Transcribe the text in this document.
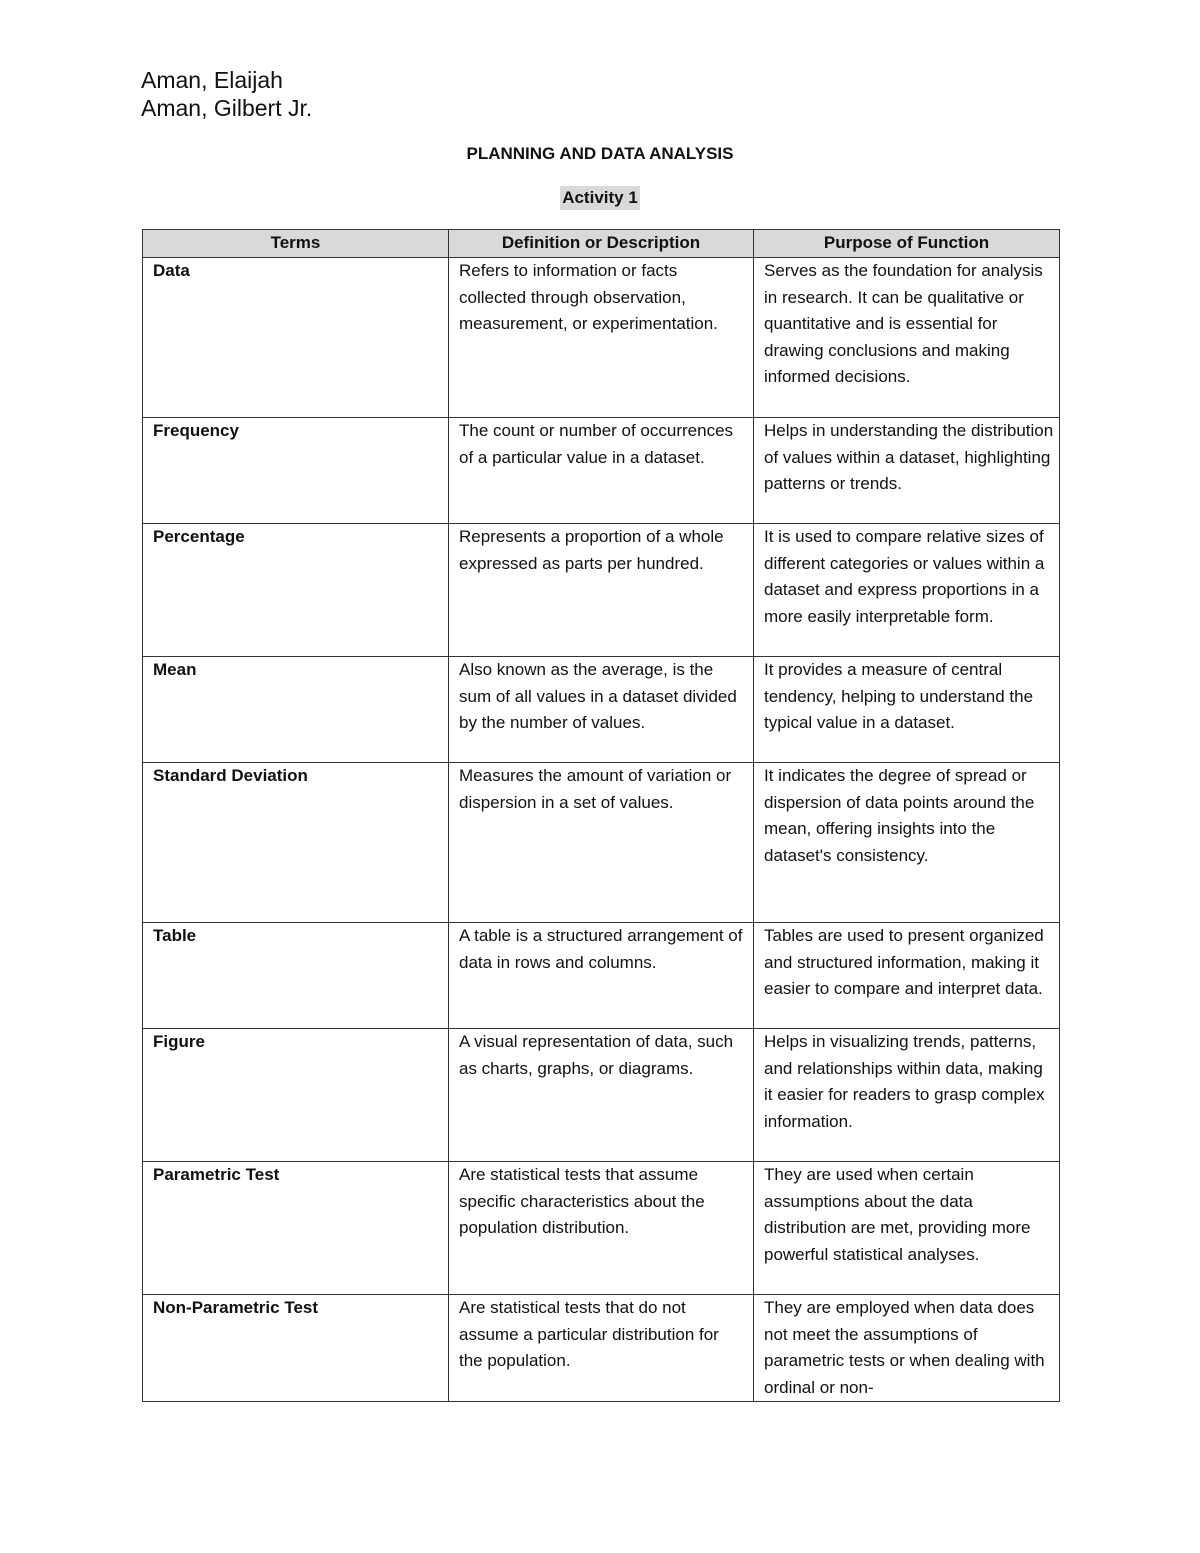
Aman, Elaijah
Aman, Gilbert Jr.
PLANNING AND DATA ANALYSIS
Activity 1
Terms	Definition or Description	Purpose of Function
Data	Refers to information or facts collected through observation, measurement, or experimentation.	Serves as the foundation for analysis in research. It can be qualitative or quantitative and is essential for drawing conclusions and making informed decisions.
Frequency	The count or number of occurrences of a particular value in a dataset.	Helps in understanding the distribution of values within a dataset, highlighting patterns or trends.
Percentage	Represents a proportion of a whole expressed as parts per hundred.	It is used to compare relative sizes of different categories or values within a dataset and express proportions in a more easily interpretable form.
Mean	Also known as the average, is the sum of all values in a dataset divided by the number of values.	It provides a measure of central tendency, helping to understand the typical value in a dataset.
Standard Deviation	Measures the amount of variation or dispersion in a set of values.	It indicates the degree of spread or dispersion of data points around the mean, offering insights into the dataset's consistency.
Table	A table is a structured arrangement of data in rows and columns.	Tables are used to present organized and structured information, making it easier to compare and interpret data.
Figure	A visual representation of data, such as charts, graphs, or diagrams.	Helps in visualizing trends, patterns, and relationships within data, making it easier for readers to grasp complex information.
Parametric Test	Are statistical tests that assume specific characteristics about the population distribution.	They are used when certain assumptions about the data distribution are met, providing more powerful statistical analyses.
Non-Parametric Test	Are statistical tests that do not assume a particular distribution for the population.	They are employed when data does not meet the assumptions of parametric tests or when dealing with ordinal or non-
